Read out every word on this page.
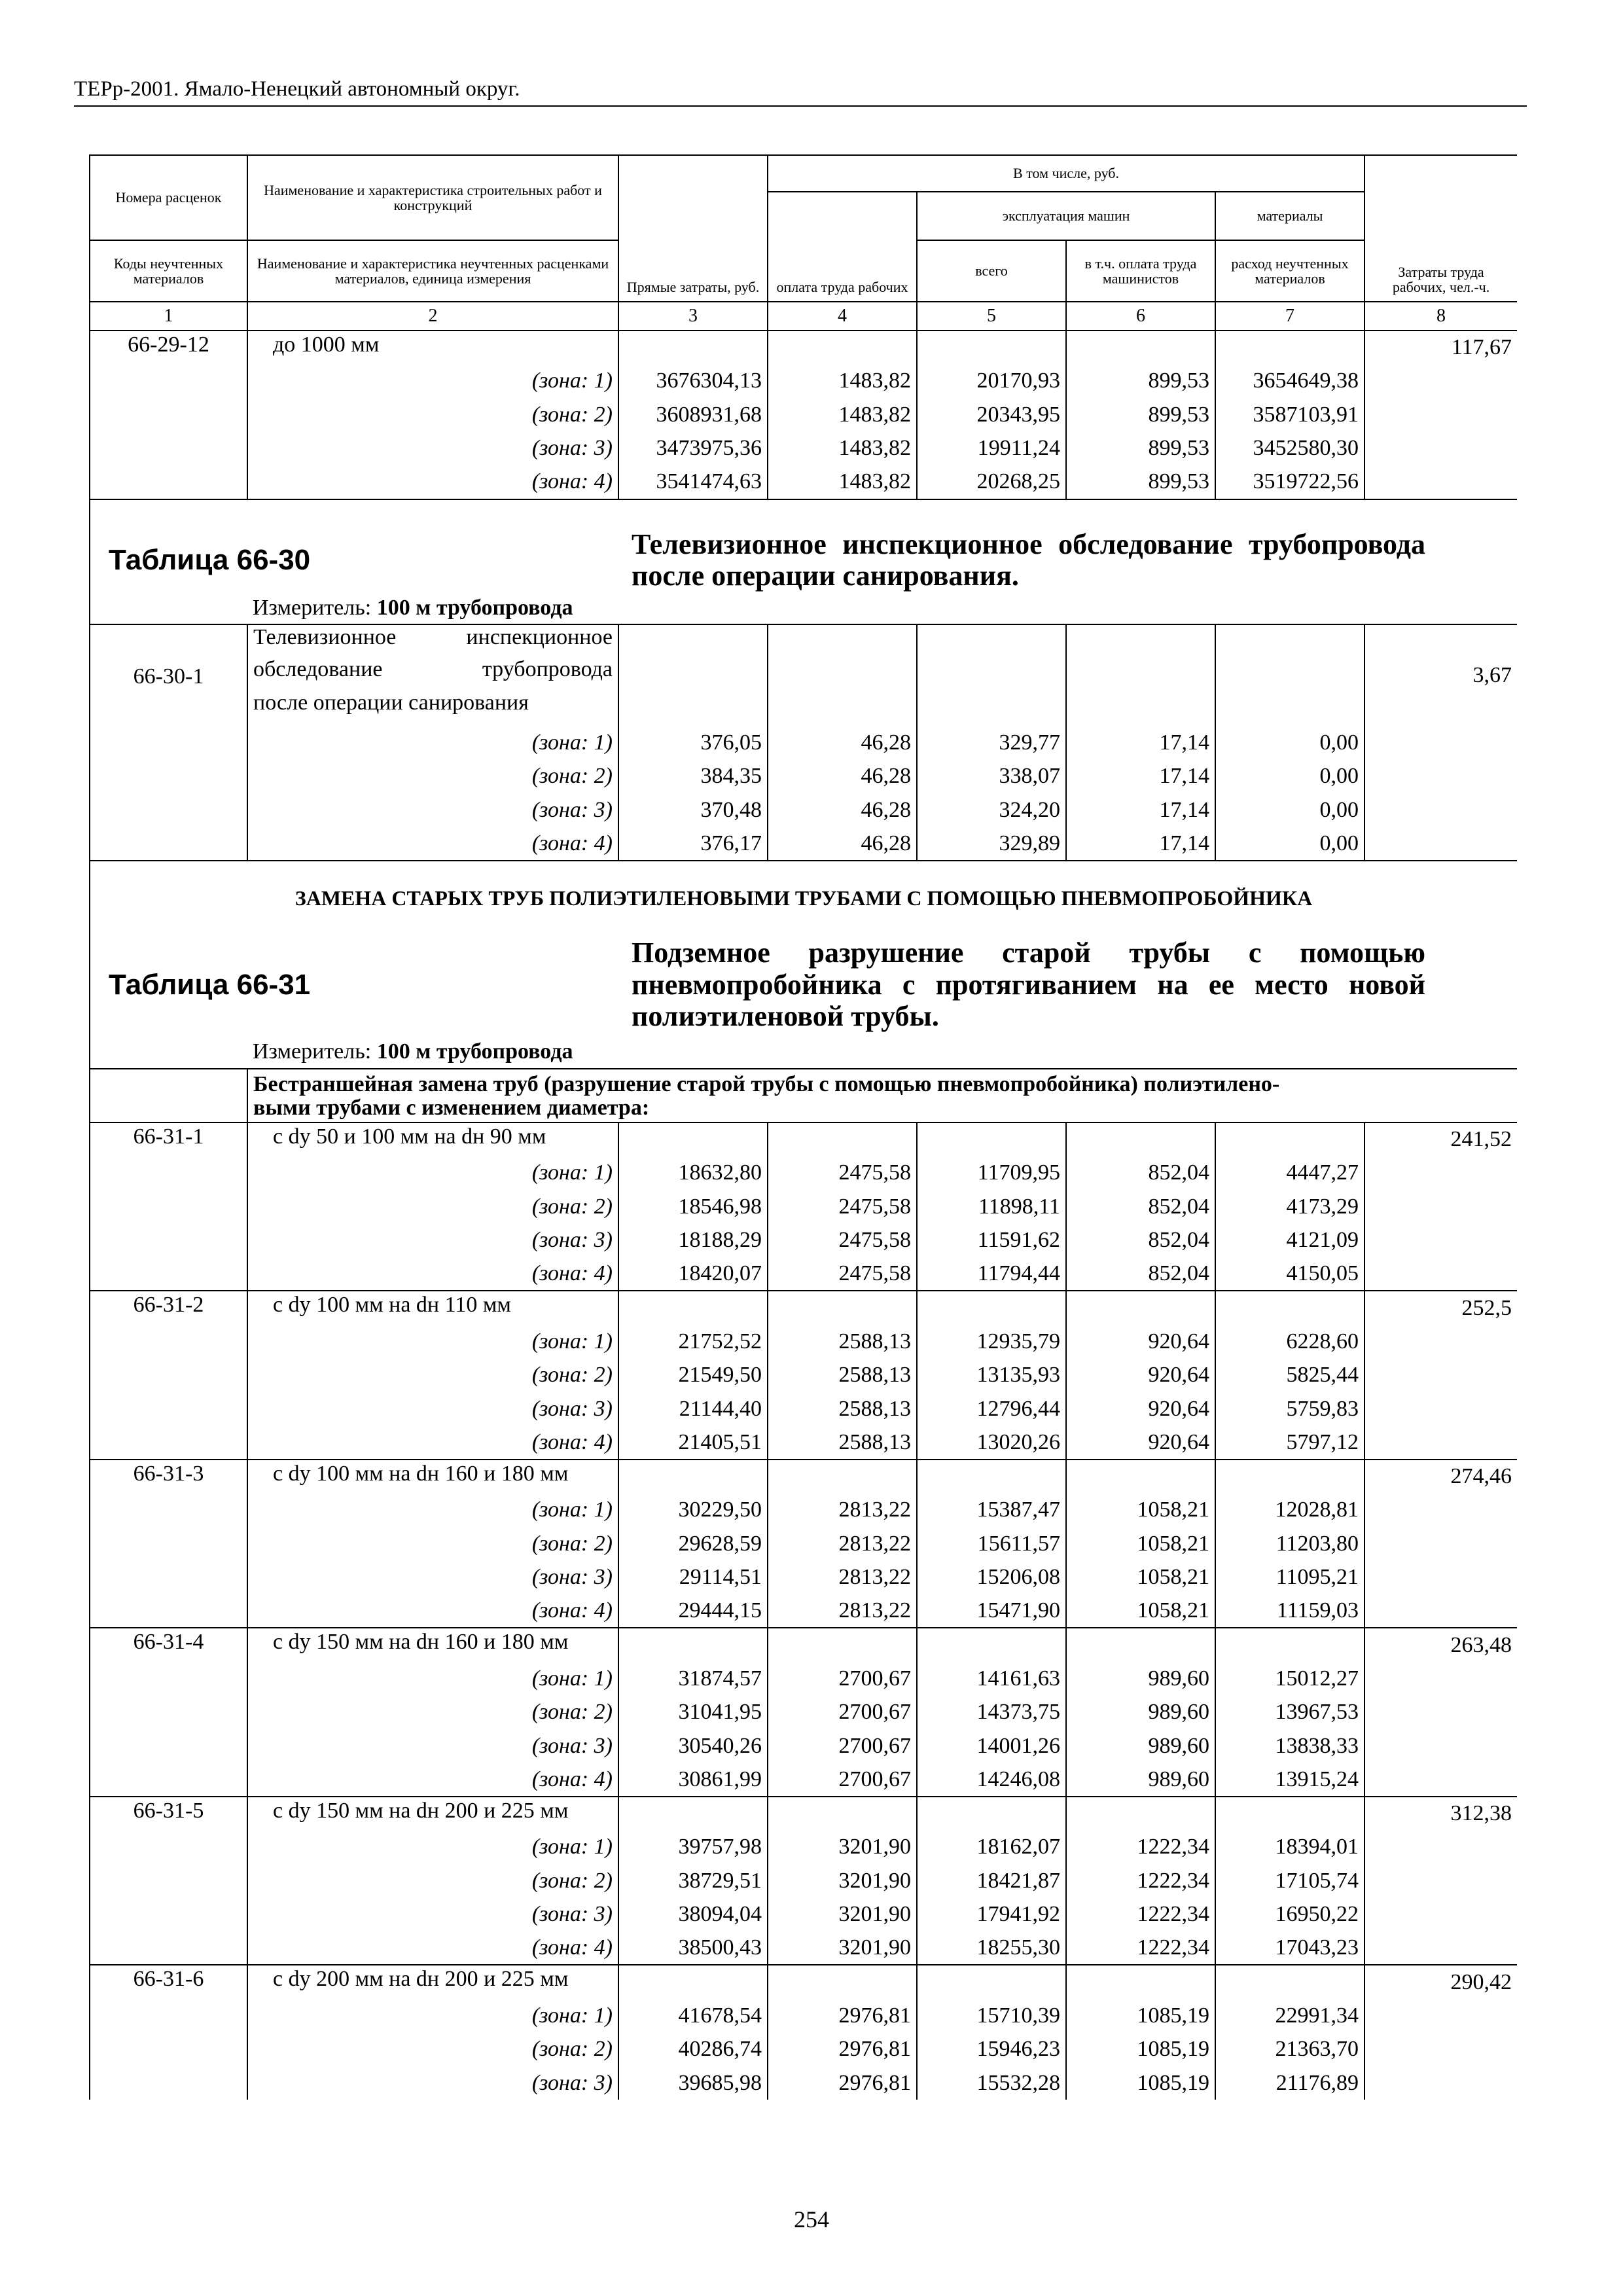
ТЕРр-2001. Ямало-Ненецкий автономный округ.
Номера расценок	Наименование и характеристика строительных работ и конструкций	Прямые затраты, руб.	В том числе, руб.				Затраты труда рабочих, чел.-ч.
			оплата труда рабочих	эксплуатация машин		материалы	
Коды неучтенных материалов	Наименование и характеристика неучтенных расценками материалов, единица измерения			всего	в т.ч. оплата труда машинистов	расход неучтенных материалов	
1	2	3	4	5	6	7	8
66-29-12	до 1000 мм						117,67
	(зона: 1)	3676304,13	1483,82	20170,93	899,53	3654649,38	
	(зона: 2)	3608931,68	1483,82	20343,95	899,53	3587103,91	
	(зона: 3)	3473975,36	1483,82	19911,24	899,53	3452580,30	
	(зона: 4)	3541474,63	1483,82	20268,25	899,53	3519722,56	
Таблица 66-30		Телевизионное инспекционное обследование трубопровода после операции санирования.					

	Измеритель: 100 м трубопровода						
66-30-1	Телевизионное инспекционное						3,67
	обследование трубопровода						
	после операции санирования						
	(зона: 1)	376,05	46,28	329,77	17,14	0,00	
	(зона: 2)	384,35	46,28	338,07	17,14	0,00	
	(зона: 3)	370,48	46,28	324,20	17,14	0,00	
	(зона: 4)	376,17	46,28	329,89	17,14	0,00	
ЗАМЕНА СТАРЫХ ТРУБ ПОЛИЭТИЛЕНОВЫМИ ТРУБАМИ С ПОМОЩЬЮ ПНЕВМОПРОБОЙНИКА							
Таблица 66-31		Подземное разрушение старой трубы с помощью пневмопробойника с протягиванием на ее место новой полиэтиленовой трубы.					

	Измеритель: 100 м трубопровода						

	Бестраншейная замена труб (разрушение старой трубы с помощью пневмопробойника) полиэтилено-
выми трубами с изменением диаметра:						

66-31-1	с dу 50 и 100 мм на dн 90 мм						241,52
	(зона: 1)	18632,80	2475,58	11709,95	852,04	4447,27	
	(зона: 2)	18546,98	2475,58	11898,11	852,04	4173,29	
	(зона: 3)	18188,29	2475,58	11591,62	852,04	4121,09	
	(зона: 4)	18420,07	2475,58	11794,44	852,04	4150,05	
66-31-2	с dу 100 мм на dн 110 мм						252,5
	(зона: 1)	21752,52	2588,13	12935,79	920,64	6228,60	
	(зона: 2)	21549,50	2588,13	13135,93	920,64	5825,44	
	(зона: 3)	21144,40	2588,13	12796,44	920,64	5759,83	
	(зона: 4)	21405,51	2588,13	13020,26	920,64	5797,12	
66-31-3	с dу 100 мм на dн 160 и 180 мм						274,46
	(зона: 1)	30229,50	2813,22	15387,47	1058,21	12028,81	
	(зона: 2)	29628,59	2813,22	15611,57	1058,21	11203,80	
	(зона: 3)	29114,51	2813,22	15206,08	1058,21	11095,21	
	(зона: 4)	29444,15	2813,22	15471,90	1058,21	11159,03	
66-31-4	с dу 150 мм на dн 160 и 180 мм						263,48
	(зона: 1)	31874,57	2700,67	14161,63	989,60	15012,27	
	(зона: 2)	31041,95	2700,67	14373,75	989,60	13967,53	
	(зона: 3)	30540,26	2700,67	14001,26	989,60	13838,33	
	(зона: 4)	30861,99	2700,67	14246,08	989,60	13915,24	
66-31-5	с dу 150 мм на dн 200 и 225 мм						312,38
	(зона: 1)	39757,98	3201,90	18162,07	1222,34	18394,01	
	(зона: 2)	38729,51	3201,90	18421,87	1222,34	17105,74	
	(зона: 3)	38094,04	3201,90	17941,92	1222,34	16950,22	
	(зона: 4)	38500,43	3201,90	18255,30	1222,34	17043,23	
66-31-6	с dу 200 мм на dн 200 и 225 мм						290,42
	(зона: 1)	41678,54	2976,81	15710,39	1085,19	22991,34	
	(зона: 2)	40286,74	2976,81	15946,23	1085,19	21363,70	
	(зона: 3)	39685,98	2976,81	15532,28	1085,19	21176,89	
254
